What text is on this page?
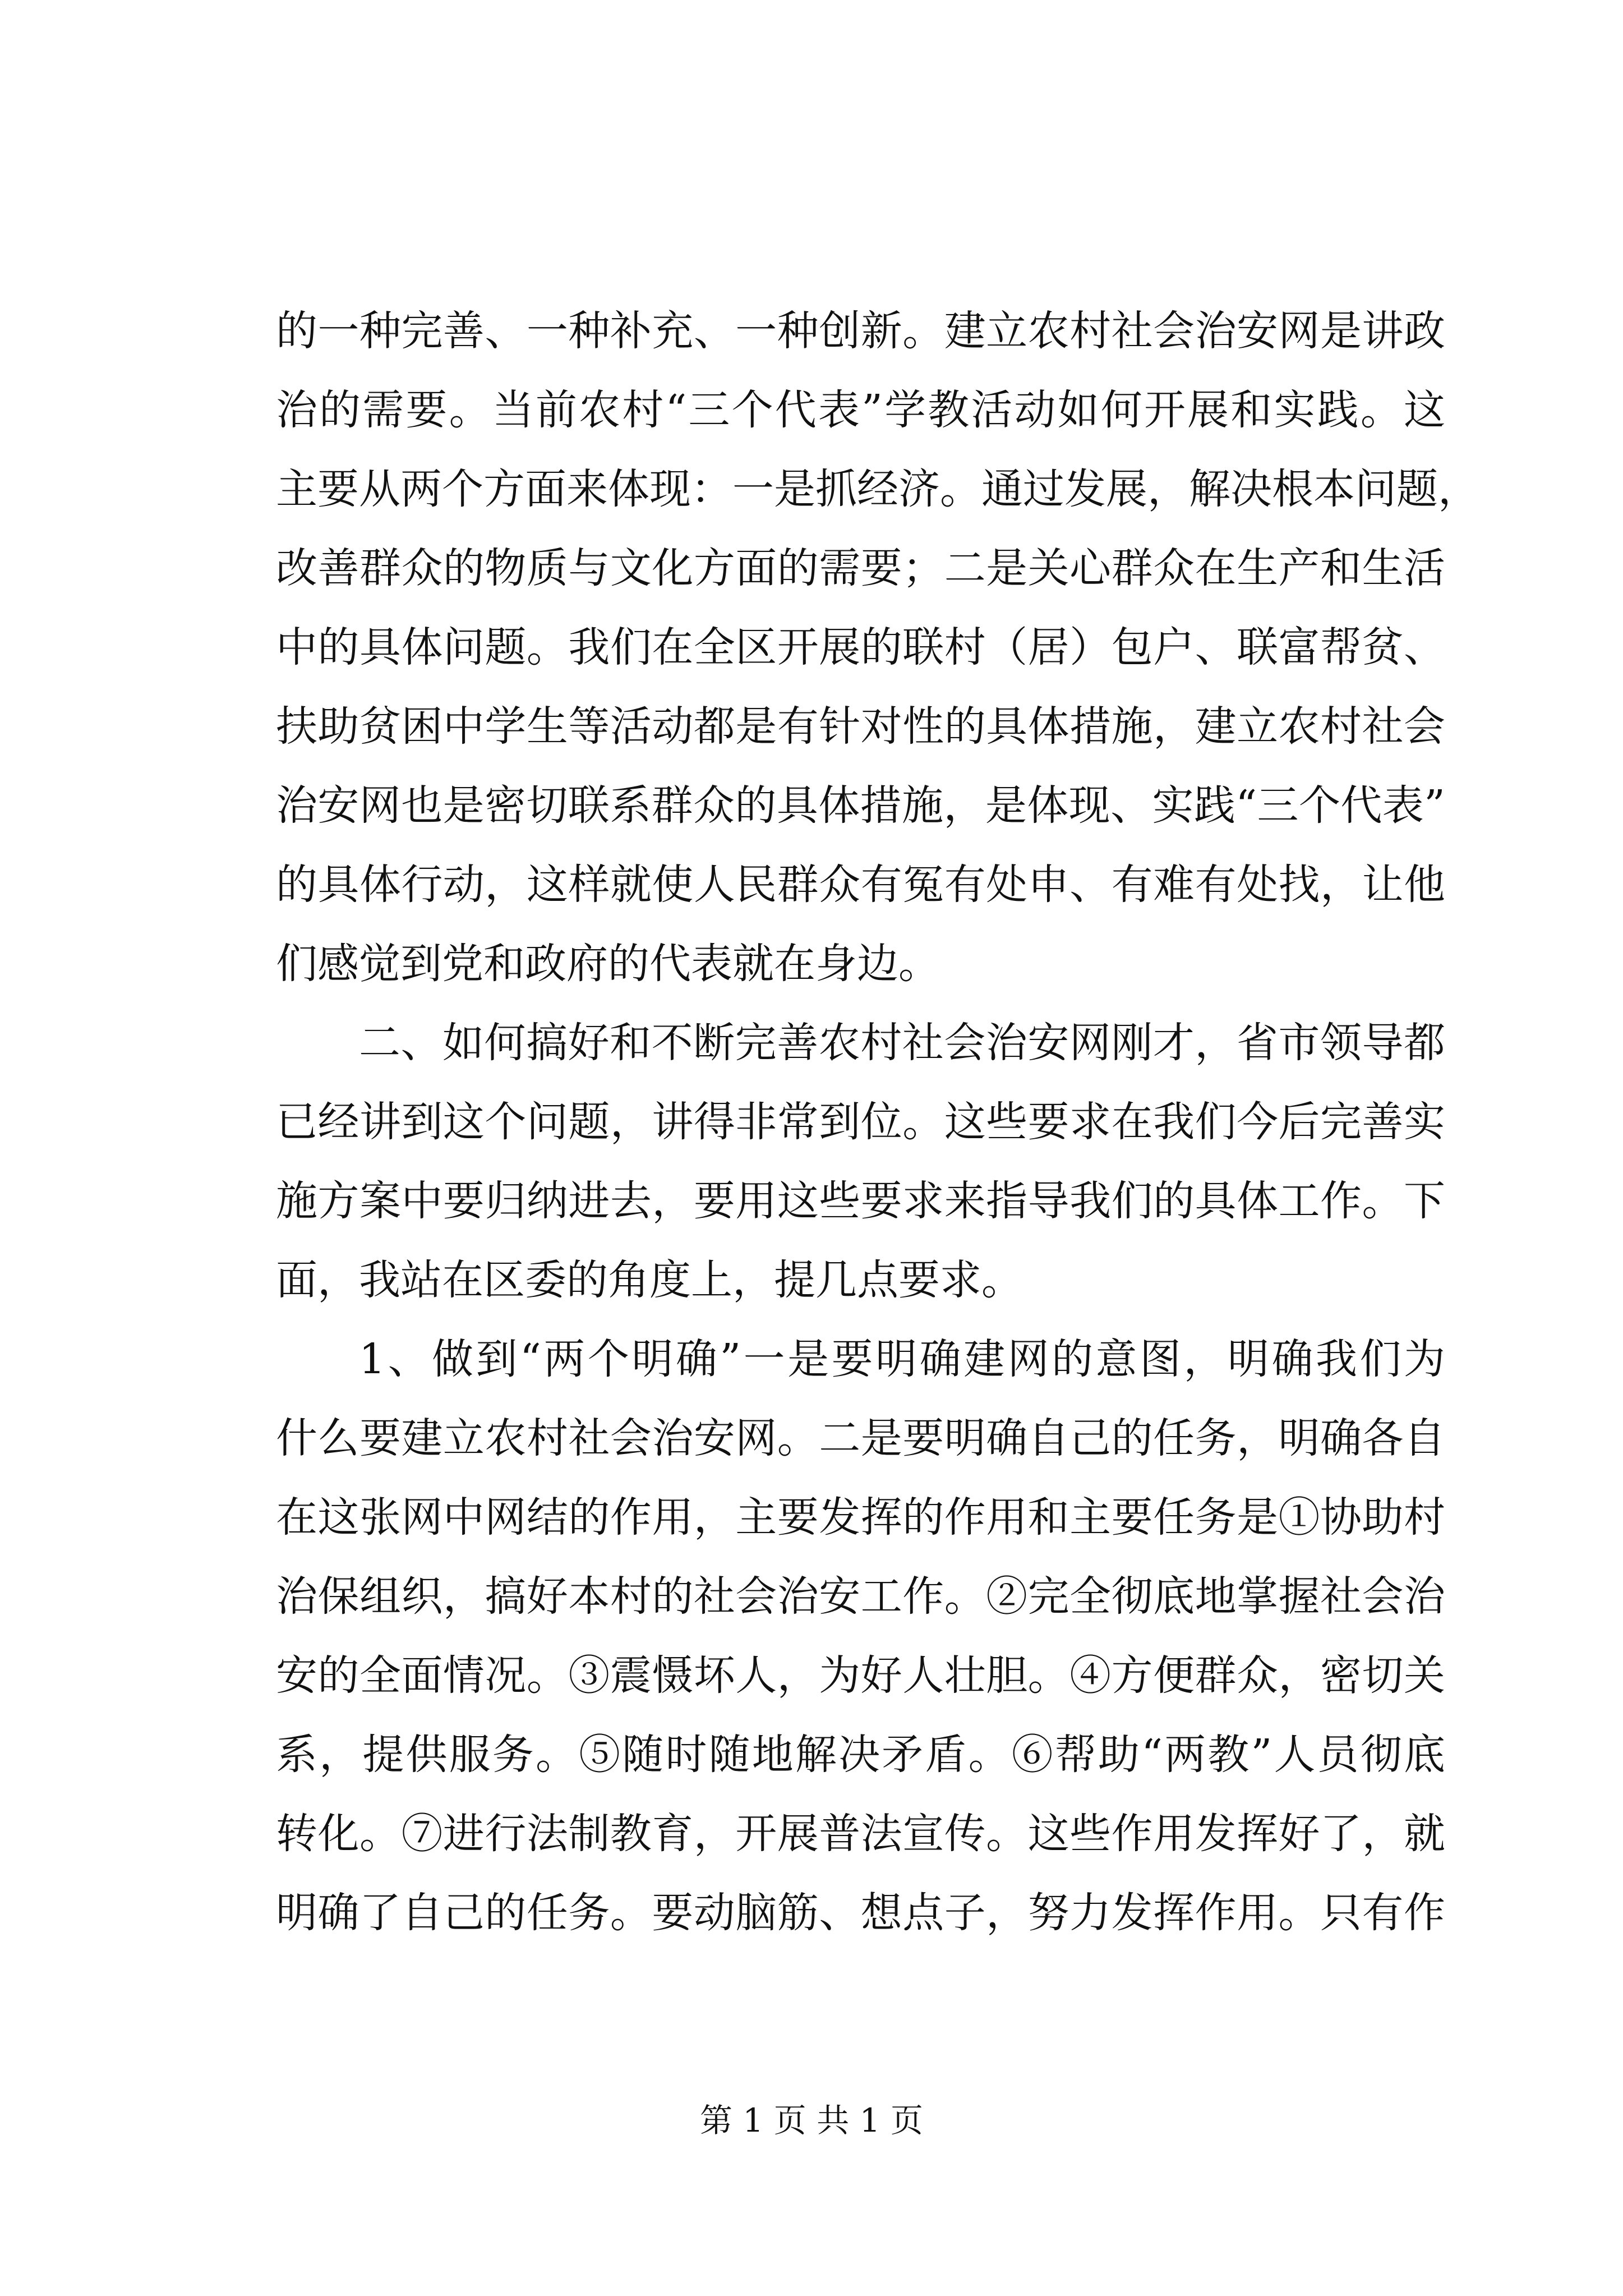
的一种完善、一种补充、一种创新。建立农村社会治安网是讲政
治的需要。当前农村“三个代表”学教活动如何开展和实践。这
主要从两个方面来体现：一是抓经济。通过发展，解决根本问题，
改善群众的物质与文化方面的需要；二是关心群众在生产和生活
中的具体问题。我们在全区开展的联村（居）包户、联富帮贫、
扶助贫困中学生等活动都是有针对性的具体措施，建立农村社会
治安网也是密切联系群众的具体措施，是体现、实践“三个代表”
的具体行动，这样就使人民群众有冤有处申、有难有处找，让他
们感觉到党和政府的代表就在身边。
二、如何搞好和不断完善农村社会治安网刚才，省市领导都
已经讲到这个问题，讲得非常到位。这些要求在我们今后完善实
施方案中要归纳进去，要用这些要求来指导我们的具体工作。下
面，我站在区委的角度上，提几点要求。
1、做到“两个明确”一是要明确建网的意图，明确我们为
什么要建立农村社会治安网。二是要明确自己的任务，明确各自
在这张网中网结的作用，主要发挥的作用和主要任务是①协助村
治保组织，搞好本村的社会治安工作。②完全彻底地掌握社会治
安的全面情况。③震慑坏人，为好人壮胆。④方便群众，密切关
系，提供服务。⑤随时随地解决矛盾。⑥帮助“两教”人员彻底
转化。⑦进行法制教育，开展普法宣传。这些作用发挥好了，就
明确了自己的任务。要动脑筋、想点子，努力发挥作用。只有作
第 1 页 共 1 页
